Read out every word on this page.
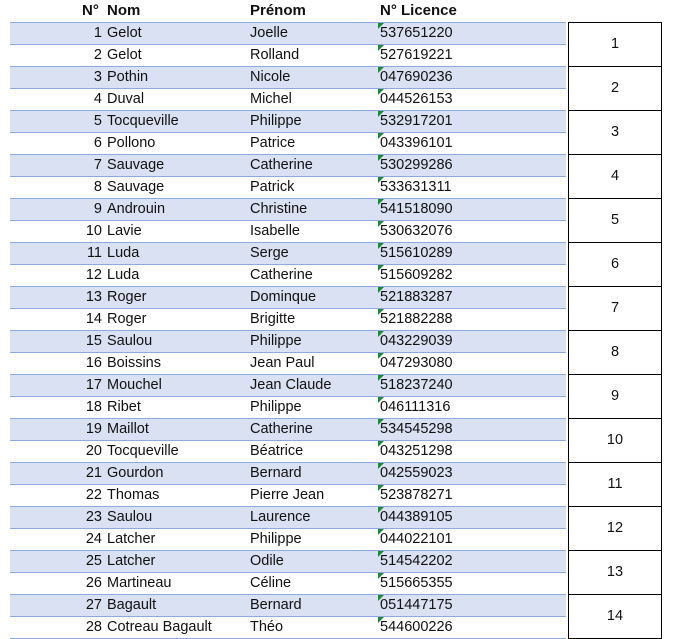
N° Nom	Prénom	N° Licence
1 Gelot	Joelle	537651220
2 Gelot	Rolland	527619221
3 Pothin	Nicole	047690236
4 Duval	Michel	044526153
5 Tocqueville	Philippe	532917201
6 Pollono	Patrice	043396101
7 Sauvage	Catherine	530299286
8 Sauvage	Patrick	533631311
9 Androuin	Christine	541518090
10 Lavie	Isabelle	530632076
11 Luda	Serge	515610289
12 Luda	Catherine	515609282
13 Roger	Dominque	521883287
14 Roger	Brigitte	521882288
15 Saulou	Philippe	043229039
16 Boissins	Jean Paul	047293080
17 Mouchel	Jean Claude	518237240
18 Ribet	Philippe	046111316
19 Maillot	Catherine	534545298
20 Tocqueville	Béatrice	043251298
21 Gourdon	Bernard	042559023
22 Thomas	Pierre Jean	523878271
23 Saulou	Laurence	044389105
24 Latcher	Philippe	044022101
25 Latcher	Odile	514542202
26 Martineau	Céline	515665355
27 Bagault	Bernard	051447175
28 Cotreau Bagault	Théo	544600226
1
2
3
4
5
6
7
8
9
10
11
12
13
14
